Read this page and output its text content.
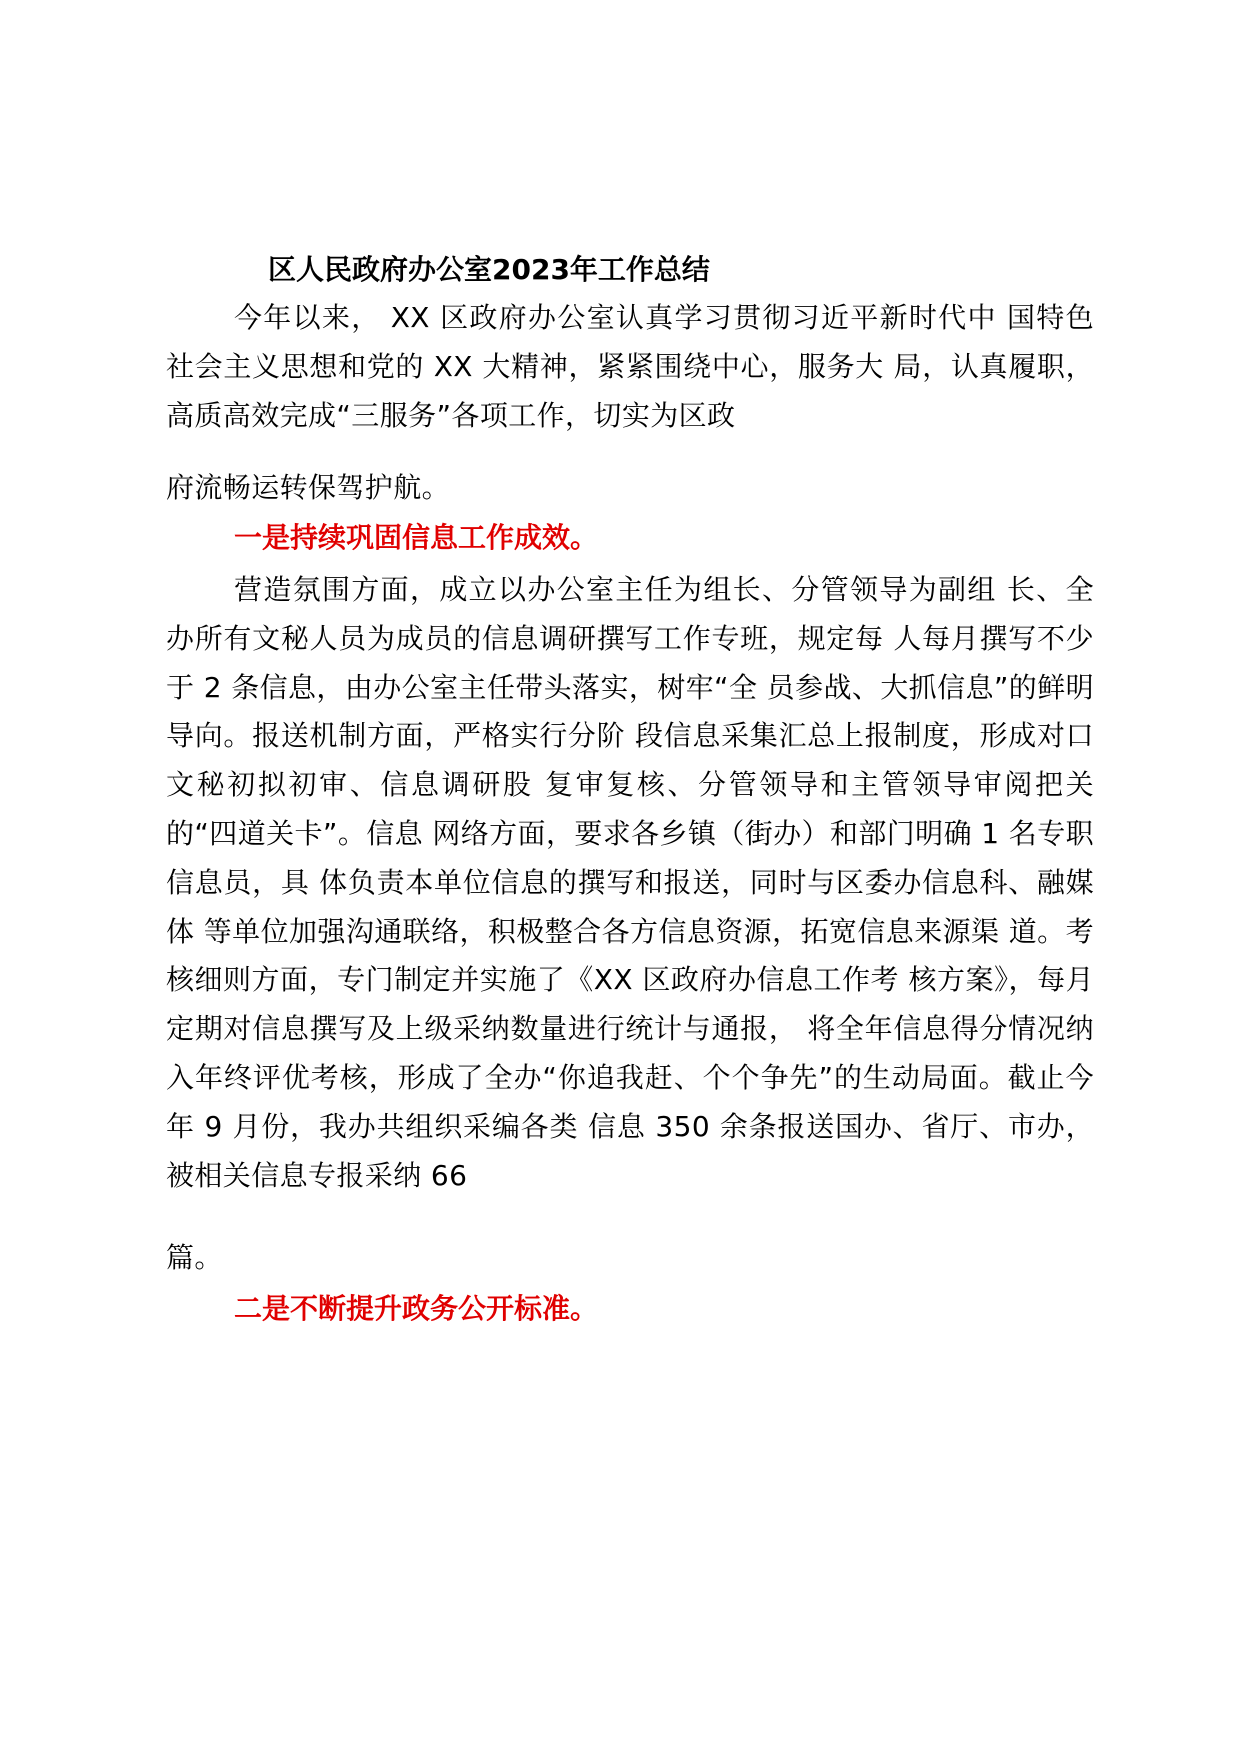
区人民政府办公室2023年工作总结

今年以来， XX 区政府办公室认真学习贯彻习近平新时代中 国特色社会主义思想和党的 XX 大精神，紧紧围绕中心，服务大 局，认真履职，高质高效完成“三服务”各项工作，切实为区政

府流畅运转保驾护航。

一是持续巩固信息工作成效。

营造氛围方面，成立以办公室主任为组长、分管领导为副组 长、全办所有文秘人员为成员的信息调研撰写工作专班，规定每 人每月撰写不少于 2 条信息，由办公室主任带头落实，树牢“全 员参战、大抓信息”的鲜明导向。报送机制方面，严格实行分阶 段信息采集汇总上报制度，形成对口文秘初拟初审、信息调研股 复审复核、分管领导和主管领导审阅把关的“四道关卡”。信息 网络方面，要求各乡镇（街办）和部门明确 1 名专职信息员，具 体负责本单位信息的撰写和报送，同时与区委办信息科、融媒体 等单位加强沟通联络，积极整合各方信息资源，拓宽信息来源渠 道。考核细则方面，专门制定并实施了《XX 区政府办信息工作考 核方案》，每月定期对信息撰写及上级采纳数量进行统计与通报， 将全年信息得分情况纳入年终评优考核，形成了全办“你追我赶、个个争先”的生动局面。截止今年 9 月份，我办共组织采编各类 信息 350 余条报送国办、省厅、市办，被相关信息专报采纳 66

篇。

二是不断提升政务公开标准。
